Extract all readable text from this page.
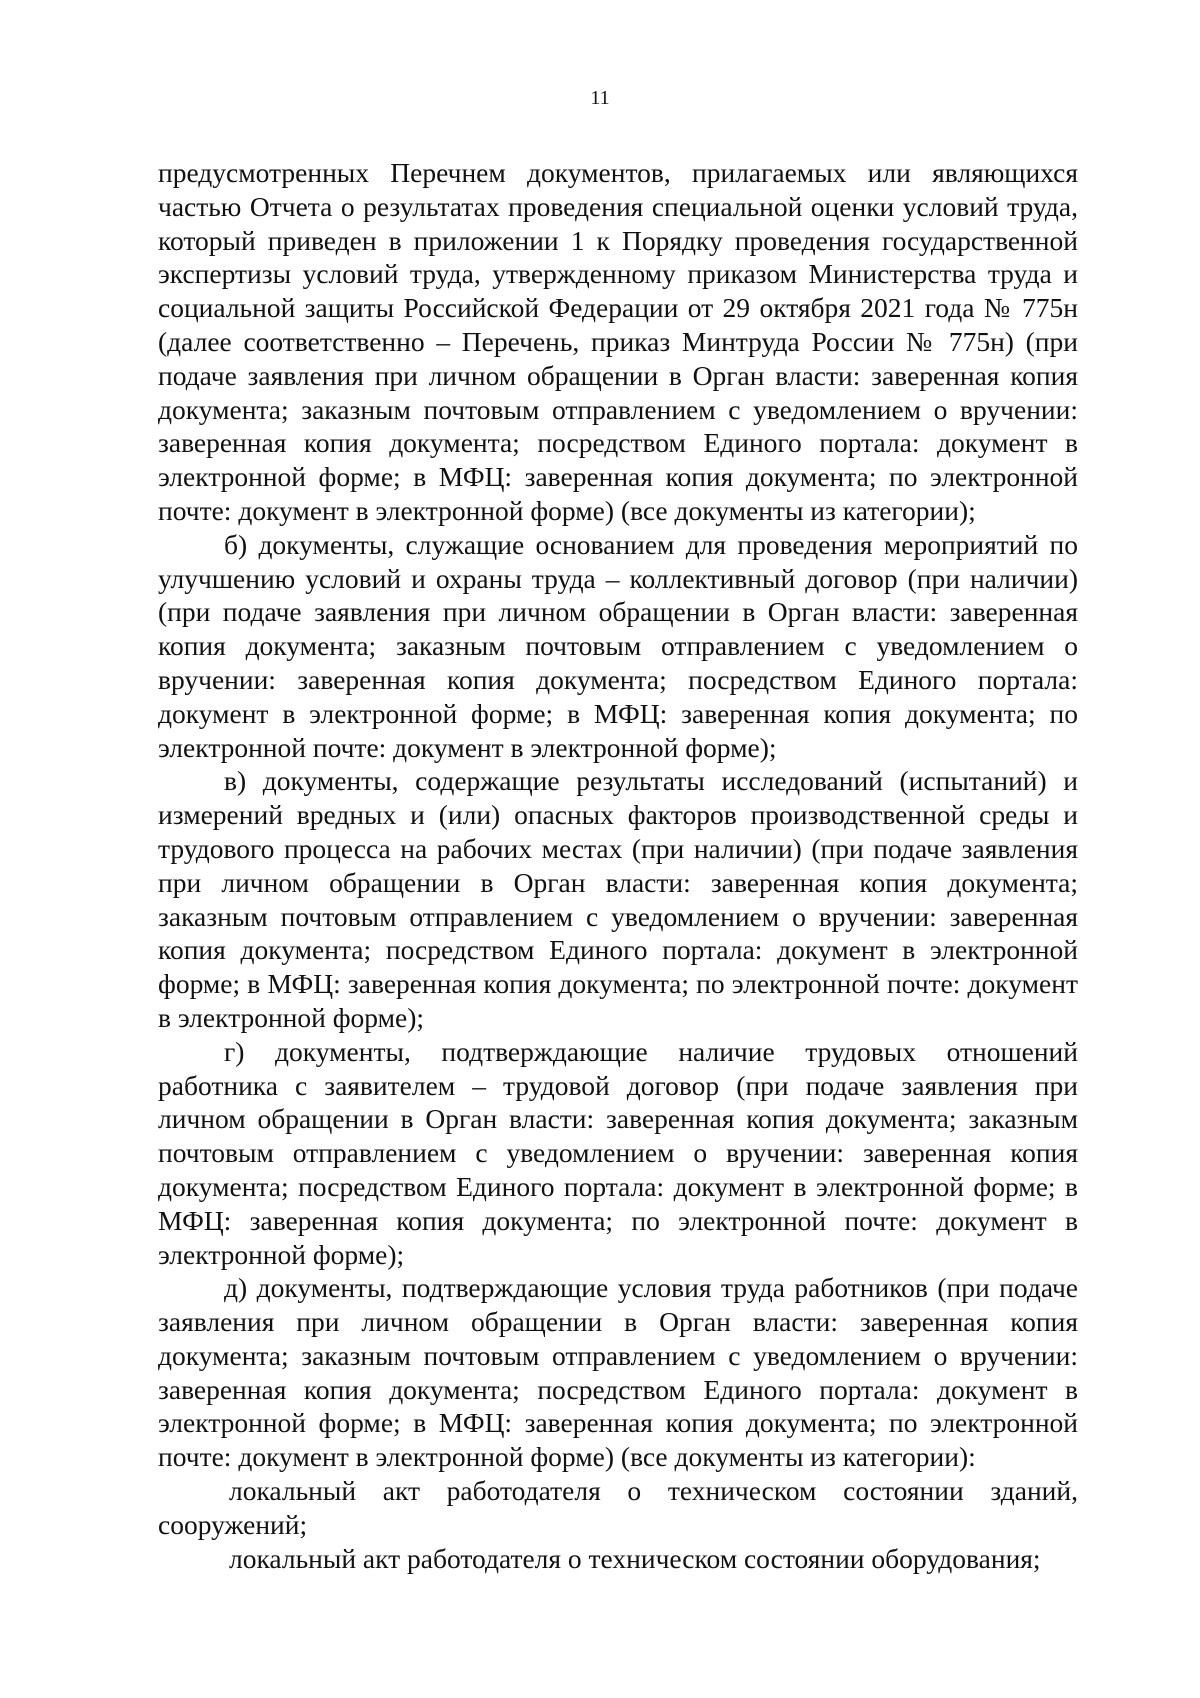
11

предусмотренных Перечнем документов, прилагаемых или являющихся частью Отчета о результатах проведения специальной оценки условий труда, который приведен в приложении 1 к Порядку проведения государственной экспертизы условий труда, утвержденному приказом Министерства труда и социальной защиты Российской Федерации от 29 октября 2021 года № 775н (далее соответственно – Перечень, приказ Минтруда России № 775н) (при подаче заявления при личном обращении в Орган власти: заверенная копия документа; заказным почтовым отправлением с уведомлением о вручении: заверенная копия документа; посредством Единого портала: документ в электронной форме; в МФЦ: заверенная копия документа; по электронной почте: документ в электронной форме) (все документы из категории);

б) документы, служащие основанием для проведения мероприятий по улучшению условий и охраны труда – коллективный договор (при наличии) (при подаче заявления при личном обращении в Орган власти: заверенная копия документа; заказным почтовым отправлением с уведомлением о вручении: заверенная копия документа; посредством Единого портала: документ в электронной форме; в МФЦ: заверенная копия документа; по электронной почте: документ в электронной форме);

в) документы, содержащие результаты исследований (испытаний) и измерений вредных и (или) опасных факторов производственной среды и трудового процесса на рабочих местах (при наличии) (при подаче заявления при личном обращении в Орган власти: заверенная копия документа; заказным почтовым отправлением с уведомлением о вручении: заверенная копия документа; посредством Единого портала: документ в электронной форме; в МФЦ: заверенная копия документа; по электронной почте: документ в электронной форме);

г) документы, подтверждающие наличие трудовых отношений работника с заявителем – трудовой договор (при подаче заявления при личном обращении в Орган власти: заверенная копия документа; заказным почтовым отправлением с уведомлением о вручении: заверенная копия документа; посредством Единого портала: документ в электронной форме; в МФЦ: заверенная копия документа; по электронной почте: документ в электронной форме);

д) документы, подтверждающие условия труда работников (при подаче заявления при личном обращении в Орган власти: заверенная копия документа; заказным почтовым отправлением с уведомлением о вручении: заверенная копия документа; посредством Единого портала: документ в электронной форме; в МФЦ: заверенная копия документа; по электронной почте: документ в электронной форме) (все документы из категории):

локальный акт работодателя о техническом состоянии зданий, сооружений;

локальный акт работодателя о техническом состоянии оборудования;
